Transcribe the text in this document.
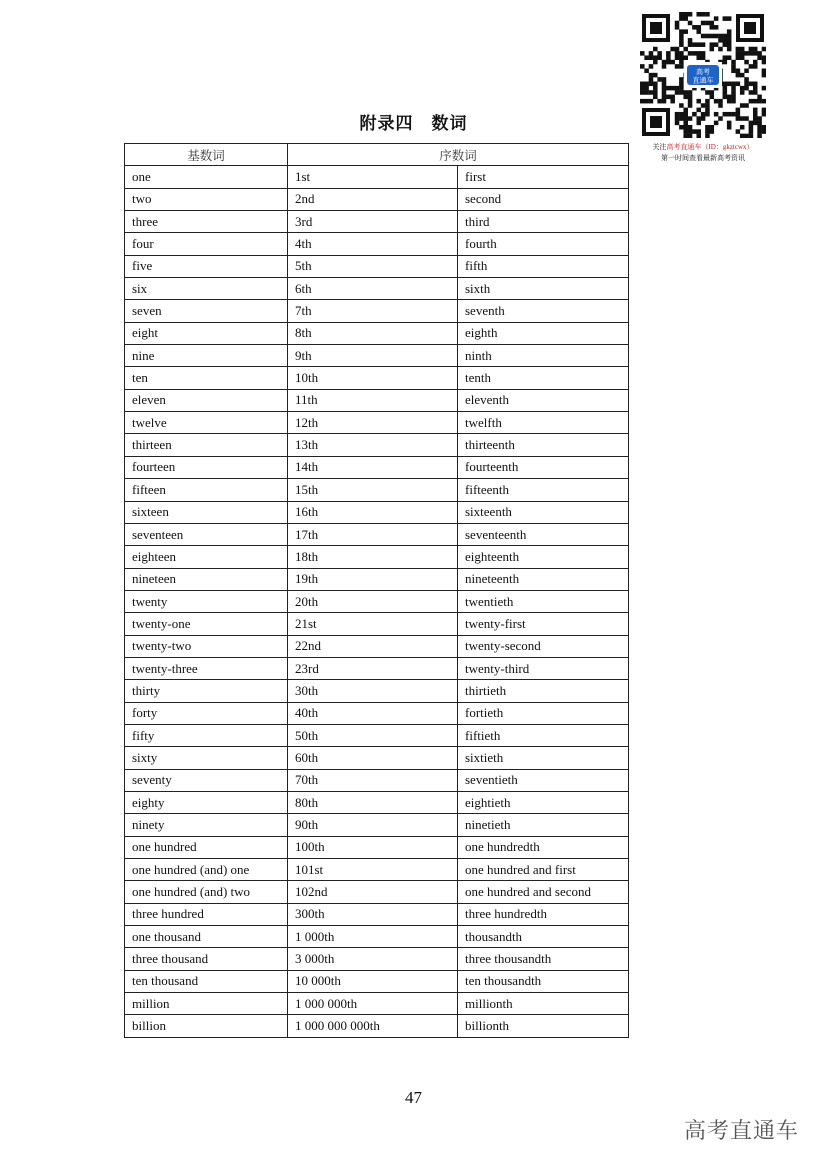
高考
直通车
关注高考直通车（ID：gkztcwx）
第一时间查看最新高考资讯
附录四　数词
基数词	序数词	
one	1st	first
two	2nd	second
three	3rd	third
four	4th	fourth
five	5th	fifth
six	6th	sixth
seven	7th	seventh
eight	8th	eighth
nine	9th	ninth
ten	10th	tenth
eleven	11th	eleventh
twelve	12th	twelfth
thirteen	13th	thirteenth
fourteen	14th	fourteenth
fifteen	15th	fifteenth
sixteen	16th	sixteenth
seventeen	17th	seventeenth
eighteen	18th	eighteenth
nineteen	19th	nineteenth
twenty	20th	twentieth
twenty-one	21st	twenty-first
twenty-two	22nd	twenty-second
twenty-three	23rd	twenty-third
thirty	30th	thirtieth
forty	40th	fortieth
fifty	50th	fiftieth
sixty	60th	sixtieth
seventy	70th	seventieth
eighty	80th	eightieth
ninety	90th	ninetieth
one hundred	100th	one hundredth
one hundred (and) one	101st	one hundred and first
one hundred (and) two	102nd	one hundred and second
three hundred	300th	three hundredth
one thousand	1 000th	thousandth
three thousand	3 000th	three thousandth
ten thousand	10 000th	ten thousandth
million	1 000 000th	millionth
billion	1 000 000 000th	billionth
47
高考直通车
